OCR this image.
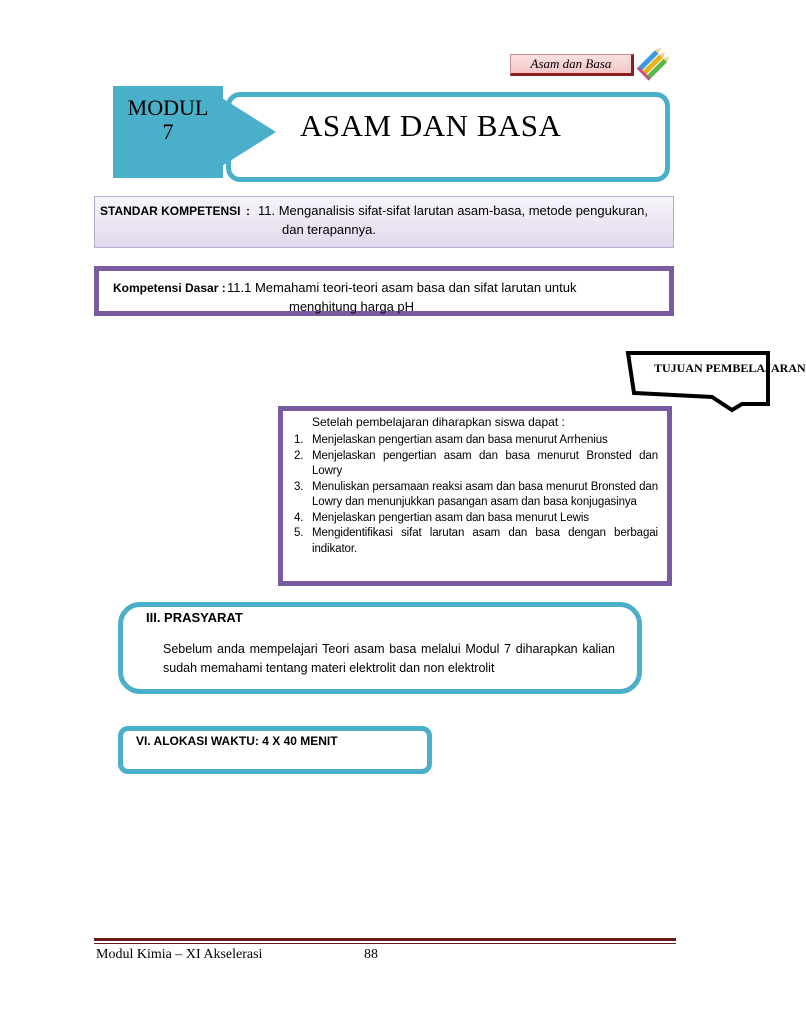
Asam dan Basa
MODUL
7	ASAM DAN BASA
STANDAR KOMPETENSI : 11. Menganalisis sifat-sifat larutan asam-basa, metode pengukuran,
dan terapannya.
Kompetensi Dasar : 11.1 Memahami teori-teori asam basa dan sifat larutan untuk
menghitung harga pH
TUJUAN PEMBELAJARAN
Setelah pembelajaran diharapkan siswa dapat :
1. Menjelaskan pengertian asam dan basa menurut Arrhenius
2. Menjelaskan pengertian asam dan basa menurut Bronsted dan Lowry
3. Menuliskan persamaan reaksi asam dan basa menurut Bronsted dan Lowry dan menunjukkan pasangan asam dan basa konjugasinya
4. Menjelaskan pengertian asam dan basa menurut Lewis
5. Mengidentifikasi sifat larutan asam dan basa dengan berbagai indikator.
III. PRASYARAT
Sebelum anda mempelajari Teori asam basa melalui Modul 7 diharapkan kalian sudah memahami tentang materi elektrolit dan non elektrolit
VI. ALOKASI WAKTU: 4 X 40 MENIT
Modul Kimia – XI Akselerasi	88
